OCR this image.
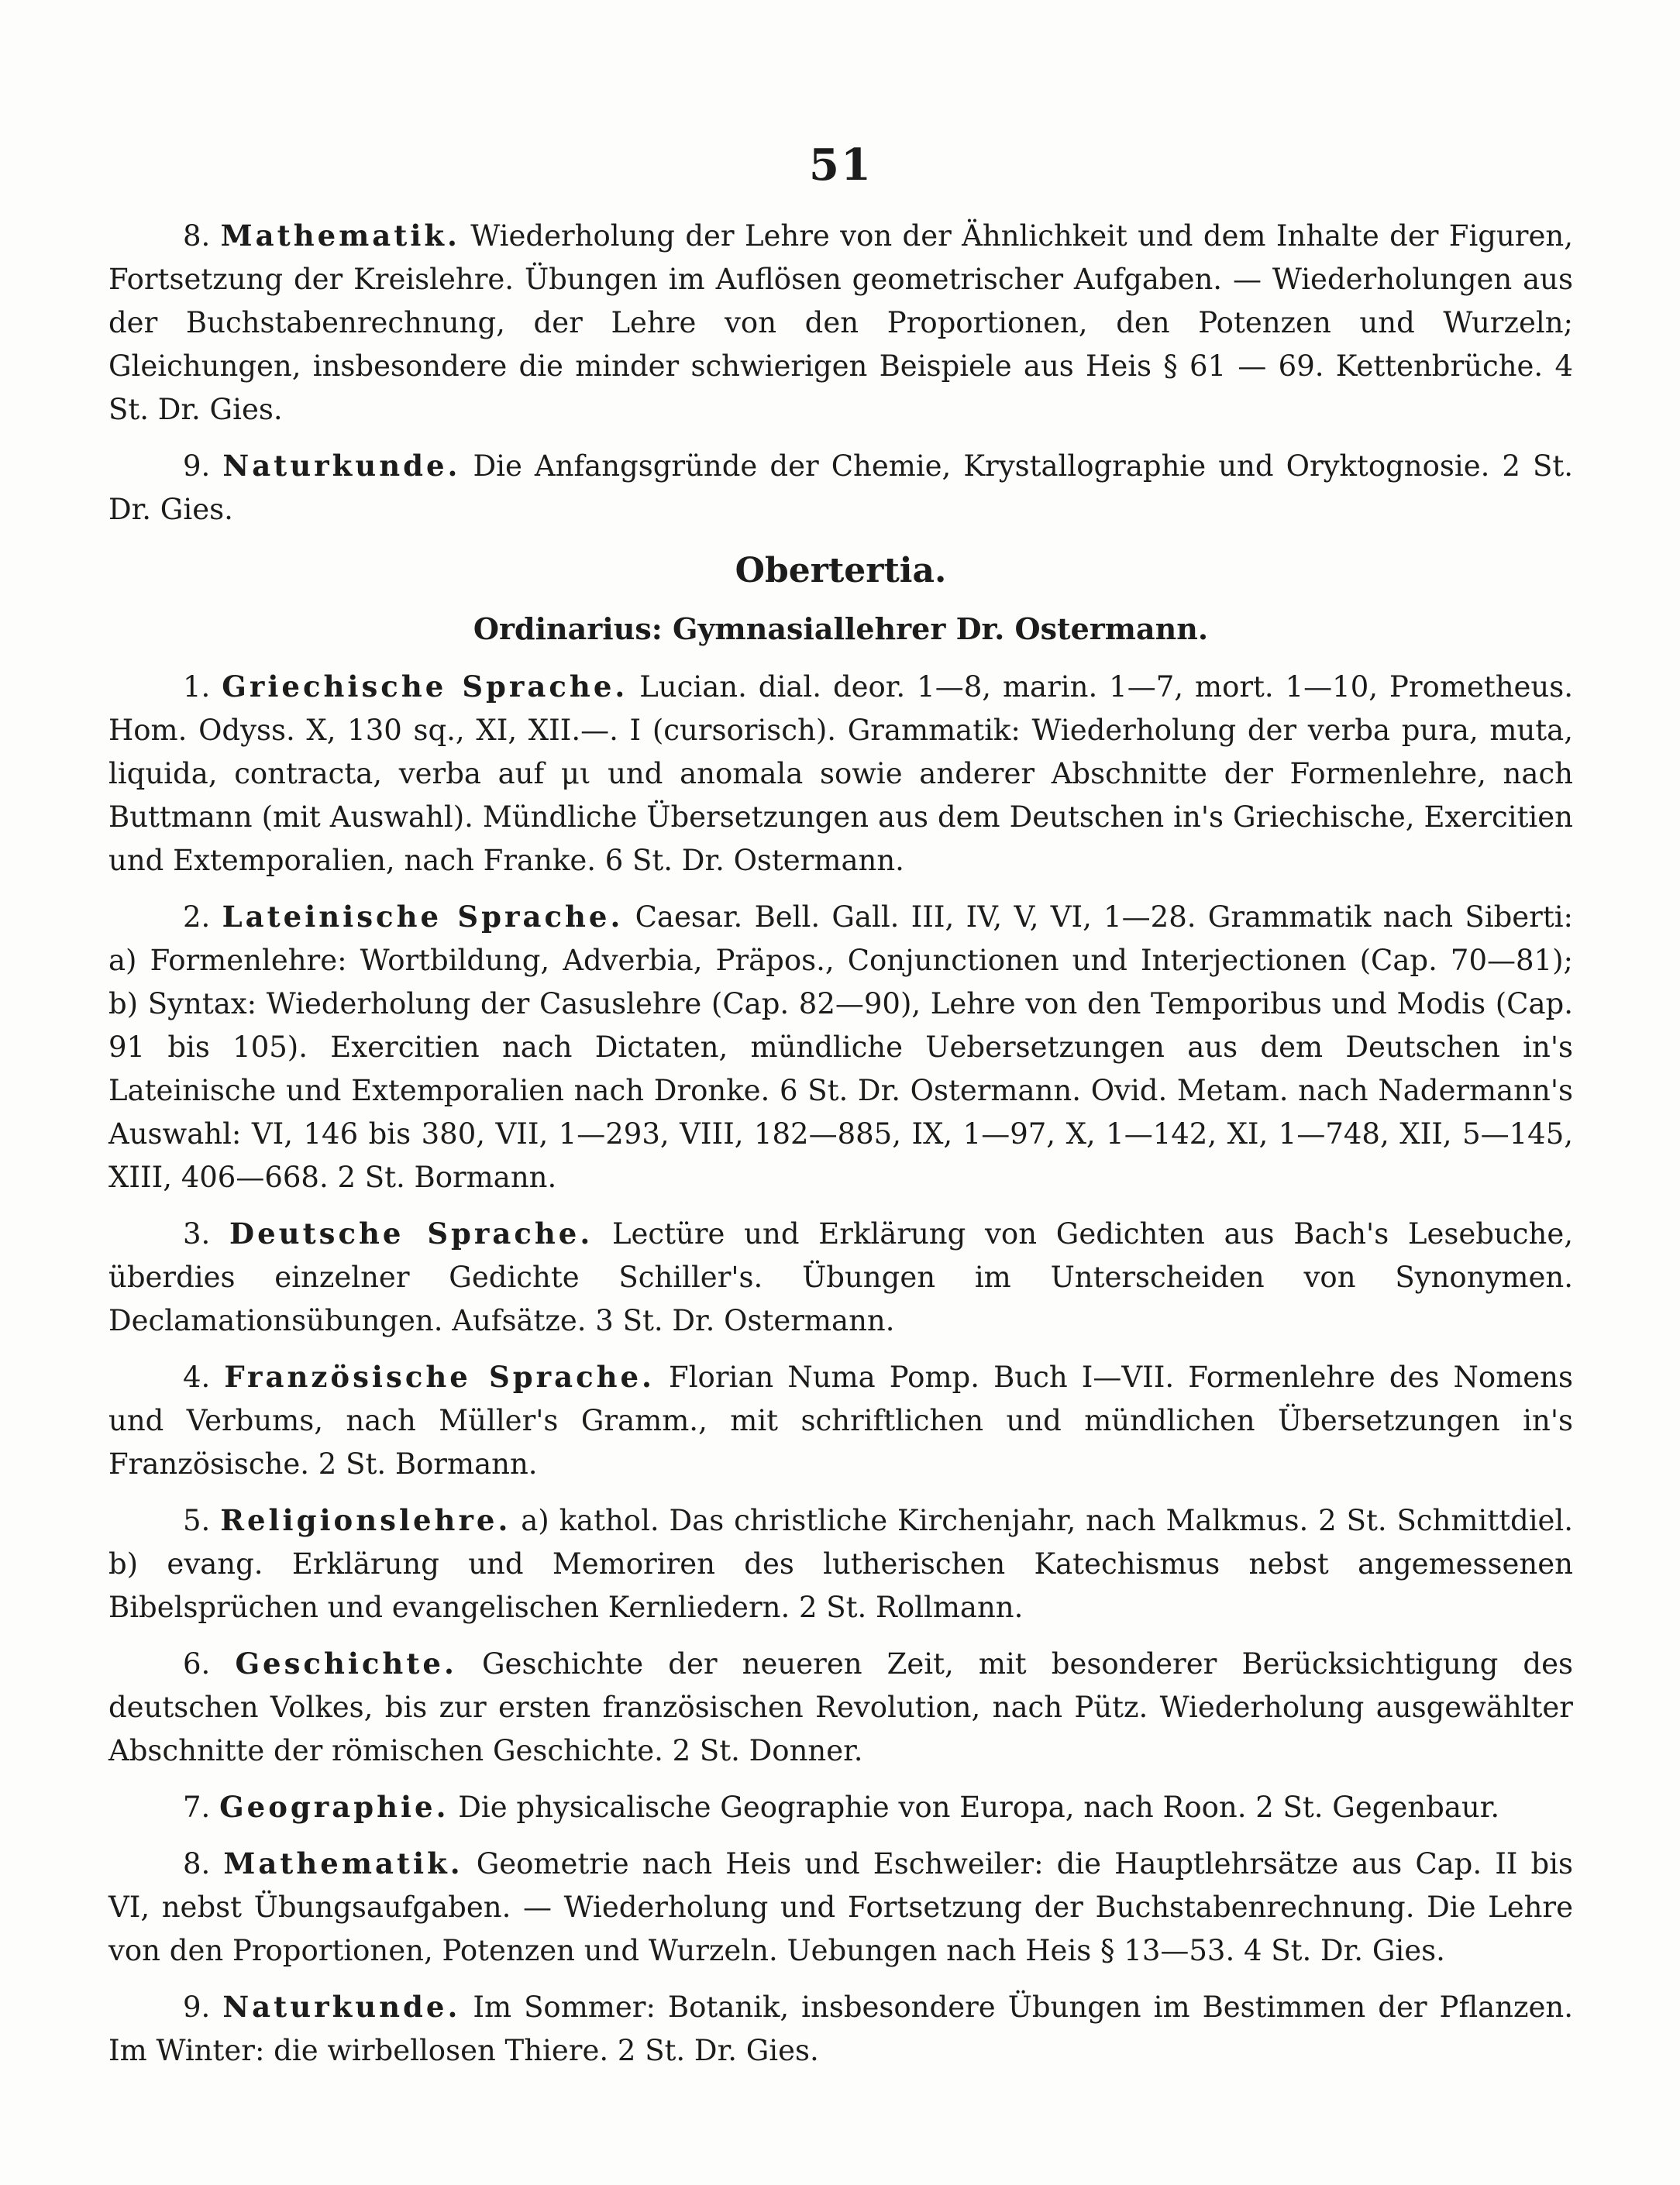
51

8. Mathematik. Wiederholung der Lehre von der Ähnlichkeit und dem Inhalte der Figuren, Fortsetzung der Kreislehre. Übungen im Auflösen geometrischer Aufgaben. — Wiederholungen aus der Buchstabenrechnung, der Lehre von den Proportionen, den Potenzen und Wurzeln; Gleichungen, insbesondere die minder schwierigen Beispiele aus Heis § 61 — 69. Kettenbrüche. 4 St. Dr. Gies.

9. Naturkunde. Die Anfangsgründe der Chemie, Krystallographie und Oryktognosie. 2 St. Dr. Gies.

Obertertia.
Ordinarius: Gymnasiallehrer Dr. Ostermann.

1. Griechische Sprache. Lucian. dial. deor. 1—8, marin. 1—7, mort. 1—10, Prometheus. Hom. Odyss. X, 130 sq., XI, XII.—. I (cursorisch). Grammatik: Wiederholung der verba pura, muta, liquida, contracta, verba auf μι und anomala sowie anderer Abschnitte der Formenlehre, nach Buttmann (mit Auswahl). Mündliche Übersetzungen aus dem Deutschen in's Griechische, Exercitien und Extemporalien, nach Franke. 6 St. Dr. Ostermann.

2. Lateinische Sprache. Caesar. Bell. Gall. III, IV, V, VI, 1—28. Grammatik nach Siberti: a) Formenlehre: Wortbildung, Adverbia, Präpos., Conjunctionen und Interjectionen (Cap. 70—81); b) Syntax: Wiederholung der Casuslehre (Cap. 82—90), Lehre von den Temporibus und Modis (Cap. 91 bis 105). Exercitien nach Dictaten, mündliche Uebersetzungen aus dem Deutschen in's Lateinische und Extemporalien nach Dronke. 6 St. Dr. Ostermann. Ovid. Metam. nach Nadermann's Auswahl: VI, 146 bis 380, VII, 1—293, VIII, 182—885, IX, 1—97, X, 1—142, XI, 1—748, XII, 5—145, XIII, 406—668. 2 St. Bormann.

3. Deutsche Sprache. Lectüre und Erklärung von Gedichten aus Bach's Lesebuche, überdies einzelner Gedichte Schiller's. Übungen im Unterscheiden von Synonymen. Declamationsübungen. Aufsätze. 3 St. Dr. Ostermann.

4. Französische Sprache. Florian Numa Pomp. Buch I—VII. Formenlehre des Nomens und Verbums, nach Müller's Gramm., mit schriftlichen und mündlichen Übersetzungen in's Französische. 2 St. Bormann.

5. Religionslehre. a) kathol. Das christliche Kirchenjahr, nach Malkmus. 2 St. Schmittdiel. b) evang. Erklärung und Memoriren des lutherischen Katechismus nebst angemessenen Bibelsprüchen und evangelischen Kernliedern. 2 St. Rollmann.

6. Geschichte. Geschichte der neueren Zeit, mit besonderer Berücksichtigung des deutschen Volkes, bis zur ersten französischen Revolution, nach Pütz. Wiederholung ausgewählter Abschnitte der römischen Geschichte. 2 St. Donner.

7. Geographie. Die physicalische Geographie von Europa, nach Roon. 2 St. Gegenbaur.

8. Mathematik. Geometrie nach Heis und Eschweiler: die Hauptlehrsätze aus Cap. II bis VI, nebst Übungsaufgaben. — Wiederholung und Fortsetzung der Buchstabenrechnung. Die Lehre von den Proportionen, Potenzen und Wurzeln. Uebungen nach Heis § 13—53. 4 St. Dr. Gies.

9. Naturkunde. Im Sommer: Botanik, insbesondere Übungen im Bestimmen der Pflanzen. Im Winter: die wirbellosen Thiere. 2 St. Dr. Gies.
